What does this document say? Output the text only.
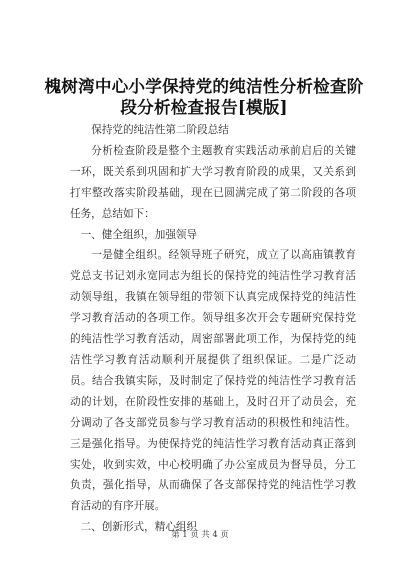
槐树湾中心小学保持党的纯洁性分析检查阶段分析检查报告[模版]

保持党的纯洁性第二阶段总结

分析检查阶段是整个主题教育实践活动承前启后的关键一环，既关系到巩固和扩大学习教育阶段的成果，又关系到打牢整改落实阶段基础，现在已圆满完成了第二阶段的各项任务，总结如下：

一、健全组织，加强领导

一是健全组织。经领导班子研究，成立了以高庙镇教育党总支书记刘永宽同志为组长的保持党的纯洁性学习教育活动领导组，我镇在领导组的带领下认真完成保持党的纯洁性学习教育活动的各项工作。领导组多次开会专题研究保持党的纯洁性学习教育活动，周密部署此项工作，为保持党的纯洁性学习教育活动顺利开展提供了组织保证。二是广泛动员。结合我镇实际，及时制定了保持党的纯洁性学习教育活动的计划，在阶段性安排的基础上，及时召开了动员会，充分调动了各支部党员参与学习教育活动的积极性和纯洁性。三是强化指导。为使保持党的纯洁性学习教育活动真正落到实处，收到实效，中心校明确了办公室成员为督导员，分工负责，强化指导，从而确保了各支部保持党的纯洁性学习教育活动的有序开展。

二、创新形式，精心组织

第 1 页 共 4 页
